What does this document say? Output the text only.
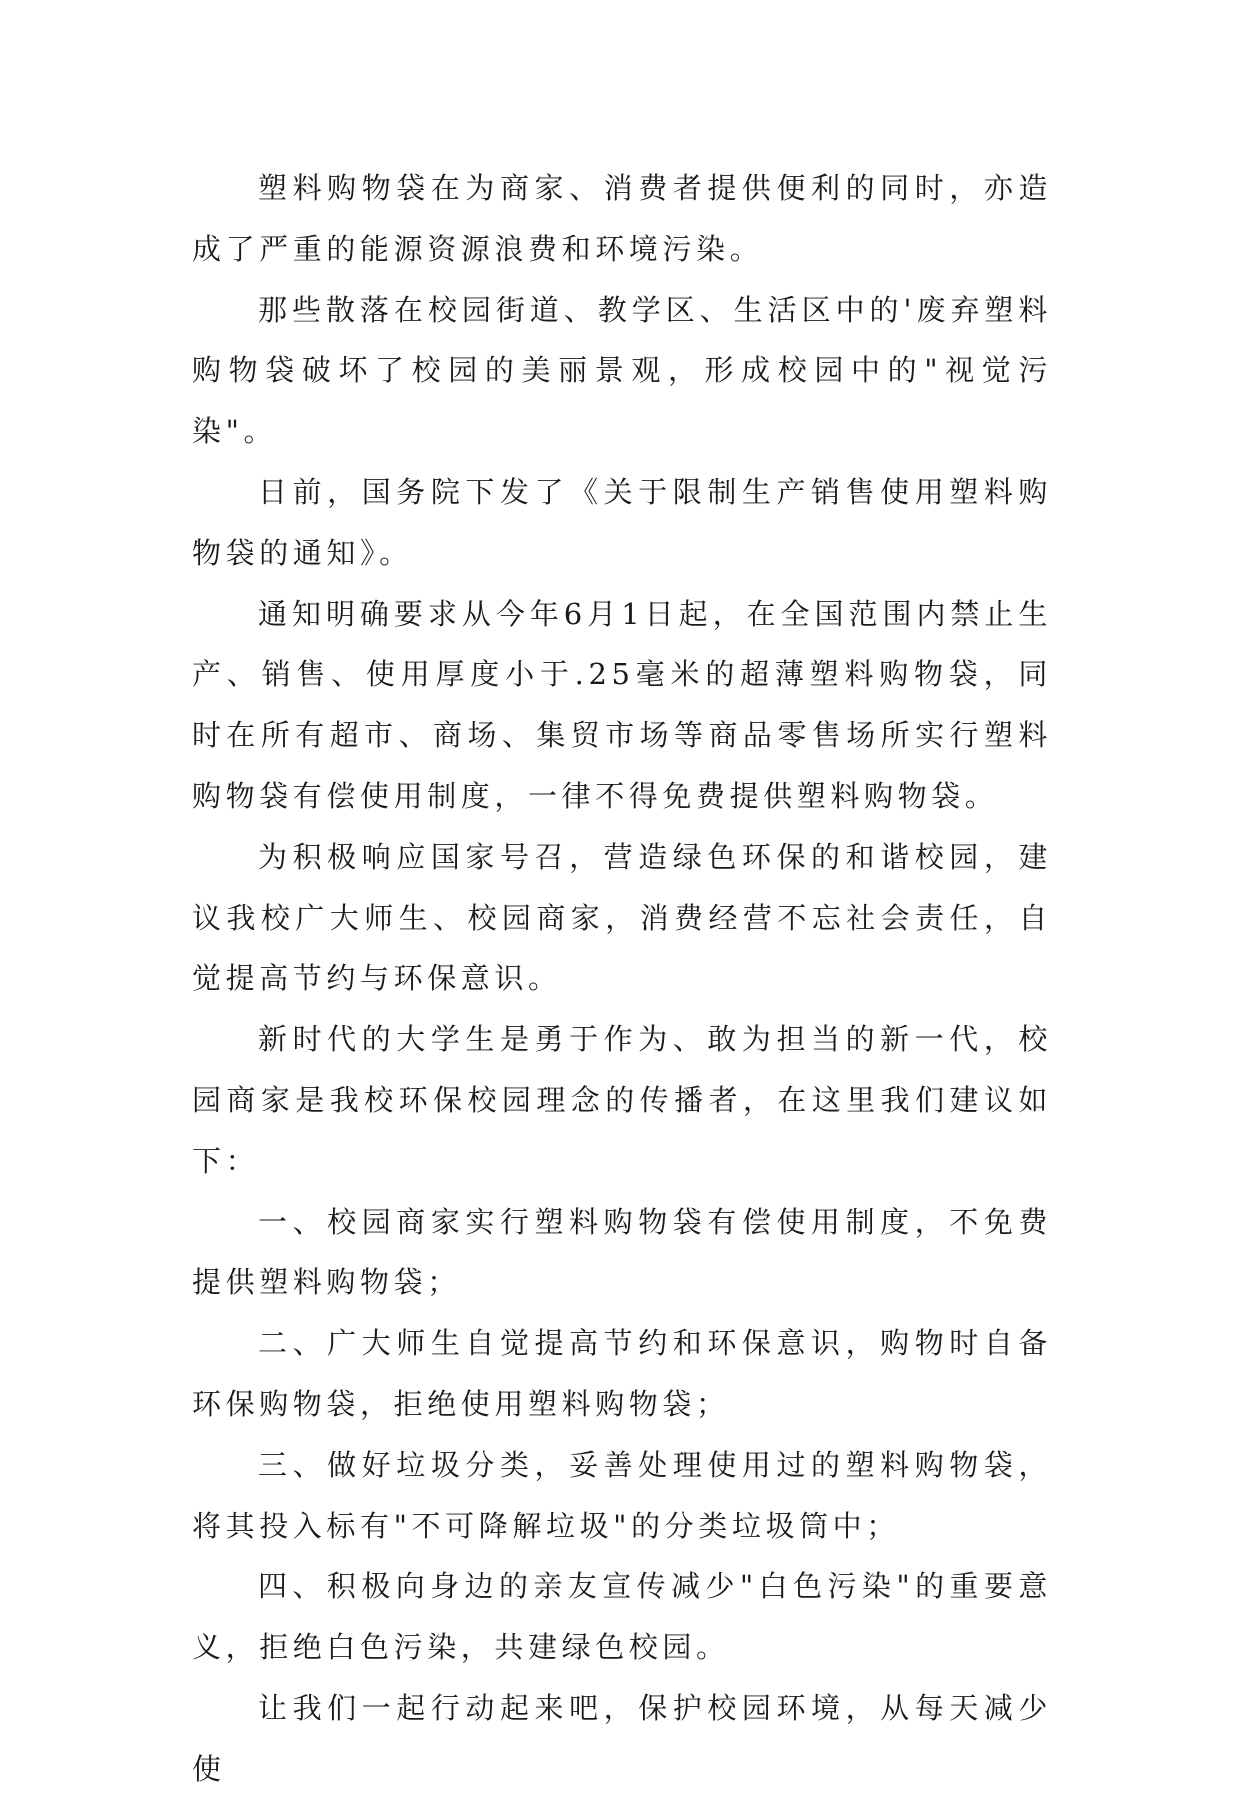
塑料购物袋在为商家、消费者提供便利的同时，亦造成了严重的能源资源浪费和环境污染。

那些散落在校园街道、教学区、生活区中的'废弃塑料购物袋破坏了校园的美丽景观，形成校园中的"视觉污染"。

日前，国务院下发了《关于限制生产销售使用塑料购物袋的通知》。

通知明确要求从今年6月1日起，在全国范围内禁止生产、销售、使用厚度小于.25毫米的超薄塑料购物袋，同时在所有超市、商场、集贸市场等商品零售场所实行塑料购物袋有偿使用制度，一律不得免费提供塑料购物袋。

为积极响应国家号召，营造绿色环保的和谐校园，建议我校广大师生、校园商家，消费经营不忘社会责任，自觉提高节约与环保意识。

新时代的大学生是勇于作为、敢为担当的新一代，校园商家是我校环保校园理念的传播者，在这里我们建议如下：

一、校园商家实行塑料购物袋有偿使用制度，不免费提供塑料购物袋；

二、广大师生自觉提高节约和环保意识，购物时自备环保购物袋，拒绝使用塑料购物袋；

三、做好垃圾分类，妥善处理使用过的塑料购物袋，将其投入标有"不可降解垃圾"的分类垃圾筒中；

四、积极向身边的亲友宣传减少"白色污染"的重要意义，拒绝白色污染，共建绿色校园。

让我们一起行动起来吧，保护校园环境，从每天减少使
